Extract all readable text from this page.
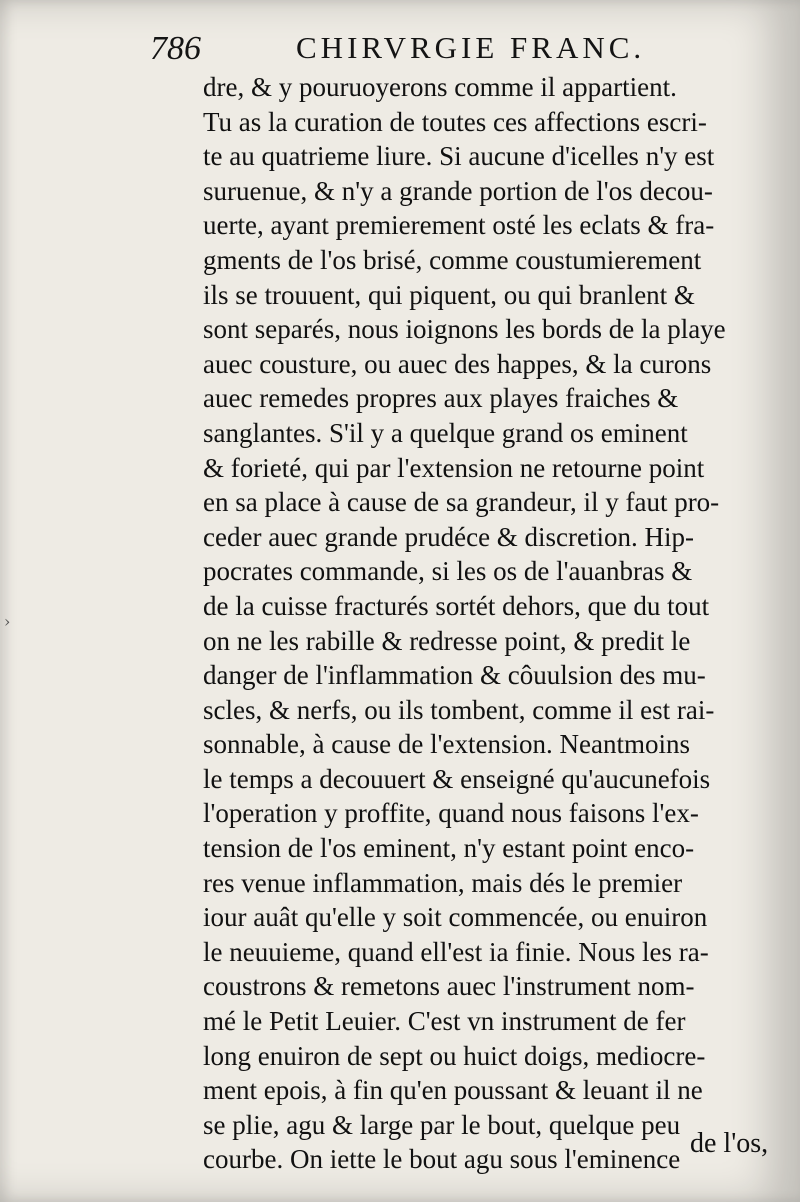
786	CHIRVRGIE FRANC.
dre, & y pouruoyerons comme il appartient.
Tu as la curation de toutes ces affections escri-
te au quatrieme liure. Si aucune d'icelles n'y est
suruenue, & n'y a grande portion de l'os decou-
uerte, ayant premierement osté les eclats & fra-
gments de l'os brisé, comme coustumierement
ils se trouuent, qui piquent, ou qui branlent &
sont separés, nous ioignons les bords de la playe
auec cousture, ou auec des happes, & la curons
auec remedes propres aux playes fraiches &
sanglantes. S'il y a quelque grand os eminent
& forieté, qui par l'extension ne retourne point
en sa place à cause de sa grandeur, il y faut pro-
ceder auec grande prudéce & discretion. Hip-
pocrates commande, si les os de l'auanbras &
de la cuisse fracturés sortét dehors, que du tout
on ne les rabille & redresse point, & predit le
danger de l'inflammation & côuulsion des mu-
scles, & nerfs, ou ils tombent, comme il est rai-
sonnable, à cause de l'extension. Neantmoins
le temps a decouuert & enseigné qu'aucunefois
l'operation y proffite, quand nous faisons l'ex-
tension de l'os eminent, n'y estant point enco-
res venue inflammation, mais dés le premier
iour auât qu'elle y soit commencée, ou enuiron
le neuuieme, quand ell'est ia finie. Nous les ra-
coustrons & remetons auec l'instrument nom-
mé le Petit Leuier. C'est vn instrument de fer
long enuiron de sept ou huict doigs, mediocre-
ment epois, à fin qu'en poussant & leuant il ne
se plie, agu & large par le bout, quelque peu
courbe. On iette le bout agu sous l'eminence
de l'os,
›
